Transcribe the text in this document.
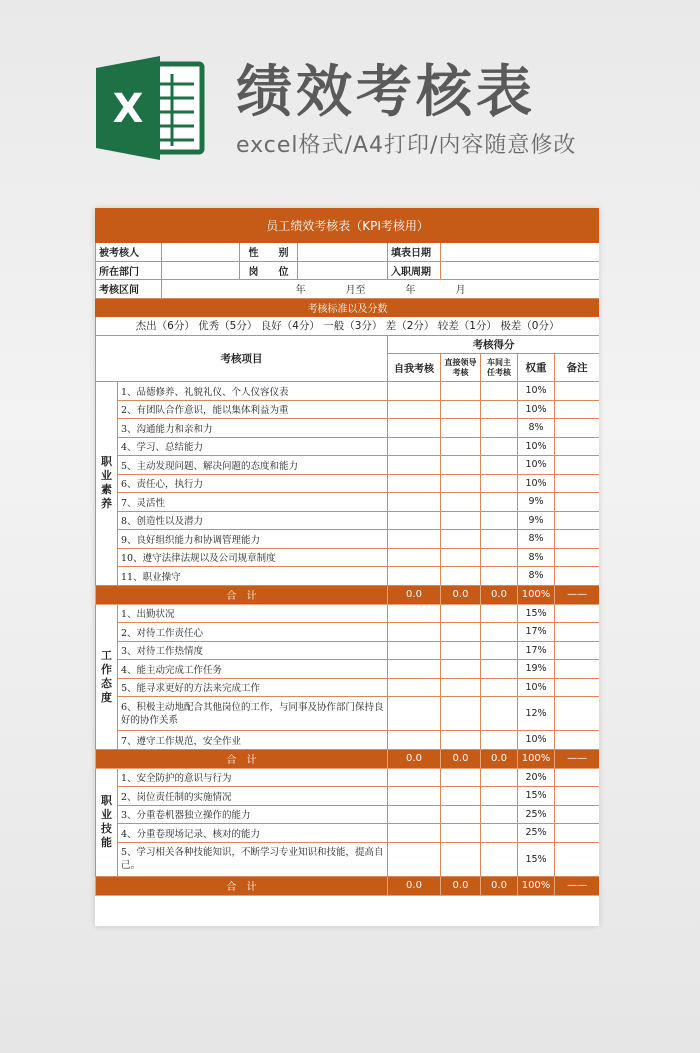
X 绩效考核表
excel格式/A4打印/内容随意修改
员工绩效考核表（KPI考核用）									
被考核人			性　　别		填表日期				
所在部门			岗　　位		入职周期				
考核区间		年　　　　月至　　　　年　　　　月							
考核标准以及分数									
杰出（6分） 优秀（5分） 良好（4分） 一般（3分） 差（2分） 较差（1分） 极差（0分）									
考核项目					考核得分				
					自我考核	直接领导考核	车间主任考核	权重	备注
职业素养	1、品德修养、礼貌礼仪、个人仪容仪表							10%	
	2、有团队合作意识，能以集体利益为重							10%	
	3、沟通能力和亲和力							8%	
	4、学习、总结能力							10%	
	5、主动发现问题、解决问题的态度和能力							10%	
	6、责任心，执行力							10%	
	7、灵活性							9%	
	8、创造性以及潜力							9%	
	9、良好组织能力和协调管理能力							8%	
	10、遵守法律法规以及公司规章制度							8%	
	11、职业操守							8%	
合　计					0.0	0.0	0.0	100%	——
工作态度	1、出勤状况							15%	
	2、对待工作责任心							17%	
	3、对待工作热情度							17%	
	4、能主动完成工作任务							19%	
	5、能寻求更好的方法来完成工作							10%	
	6、积极主动地配合其他岗位的工作，与同事及协作部门保持良好的协作关系							12%	
	7、遵守工作规范，安全作业							10%	
合　计					0.0	0.0	0.0	100%	——
职业技能	1、安全防护的意识与行为							20%	
	2、岗位责任制的实施情况							15%	
	3、分重卷机器独立操作的能力							25%	
	4、分重卷现场记录、核对的能力							25%	
	5、学习相关各种技能知识，不断学习专业知识和技能，提高自己。							15%	
合　计					0.0	0.0	0.0	100%	——
